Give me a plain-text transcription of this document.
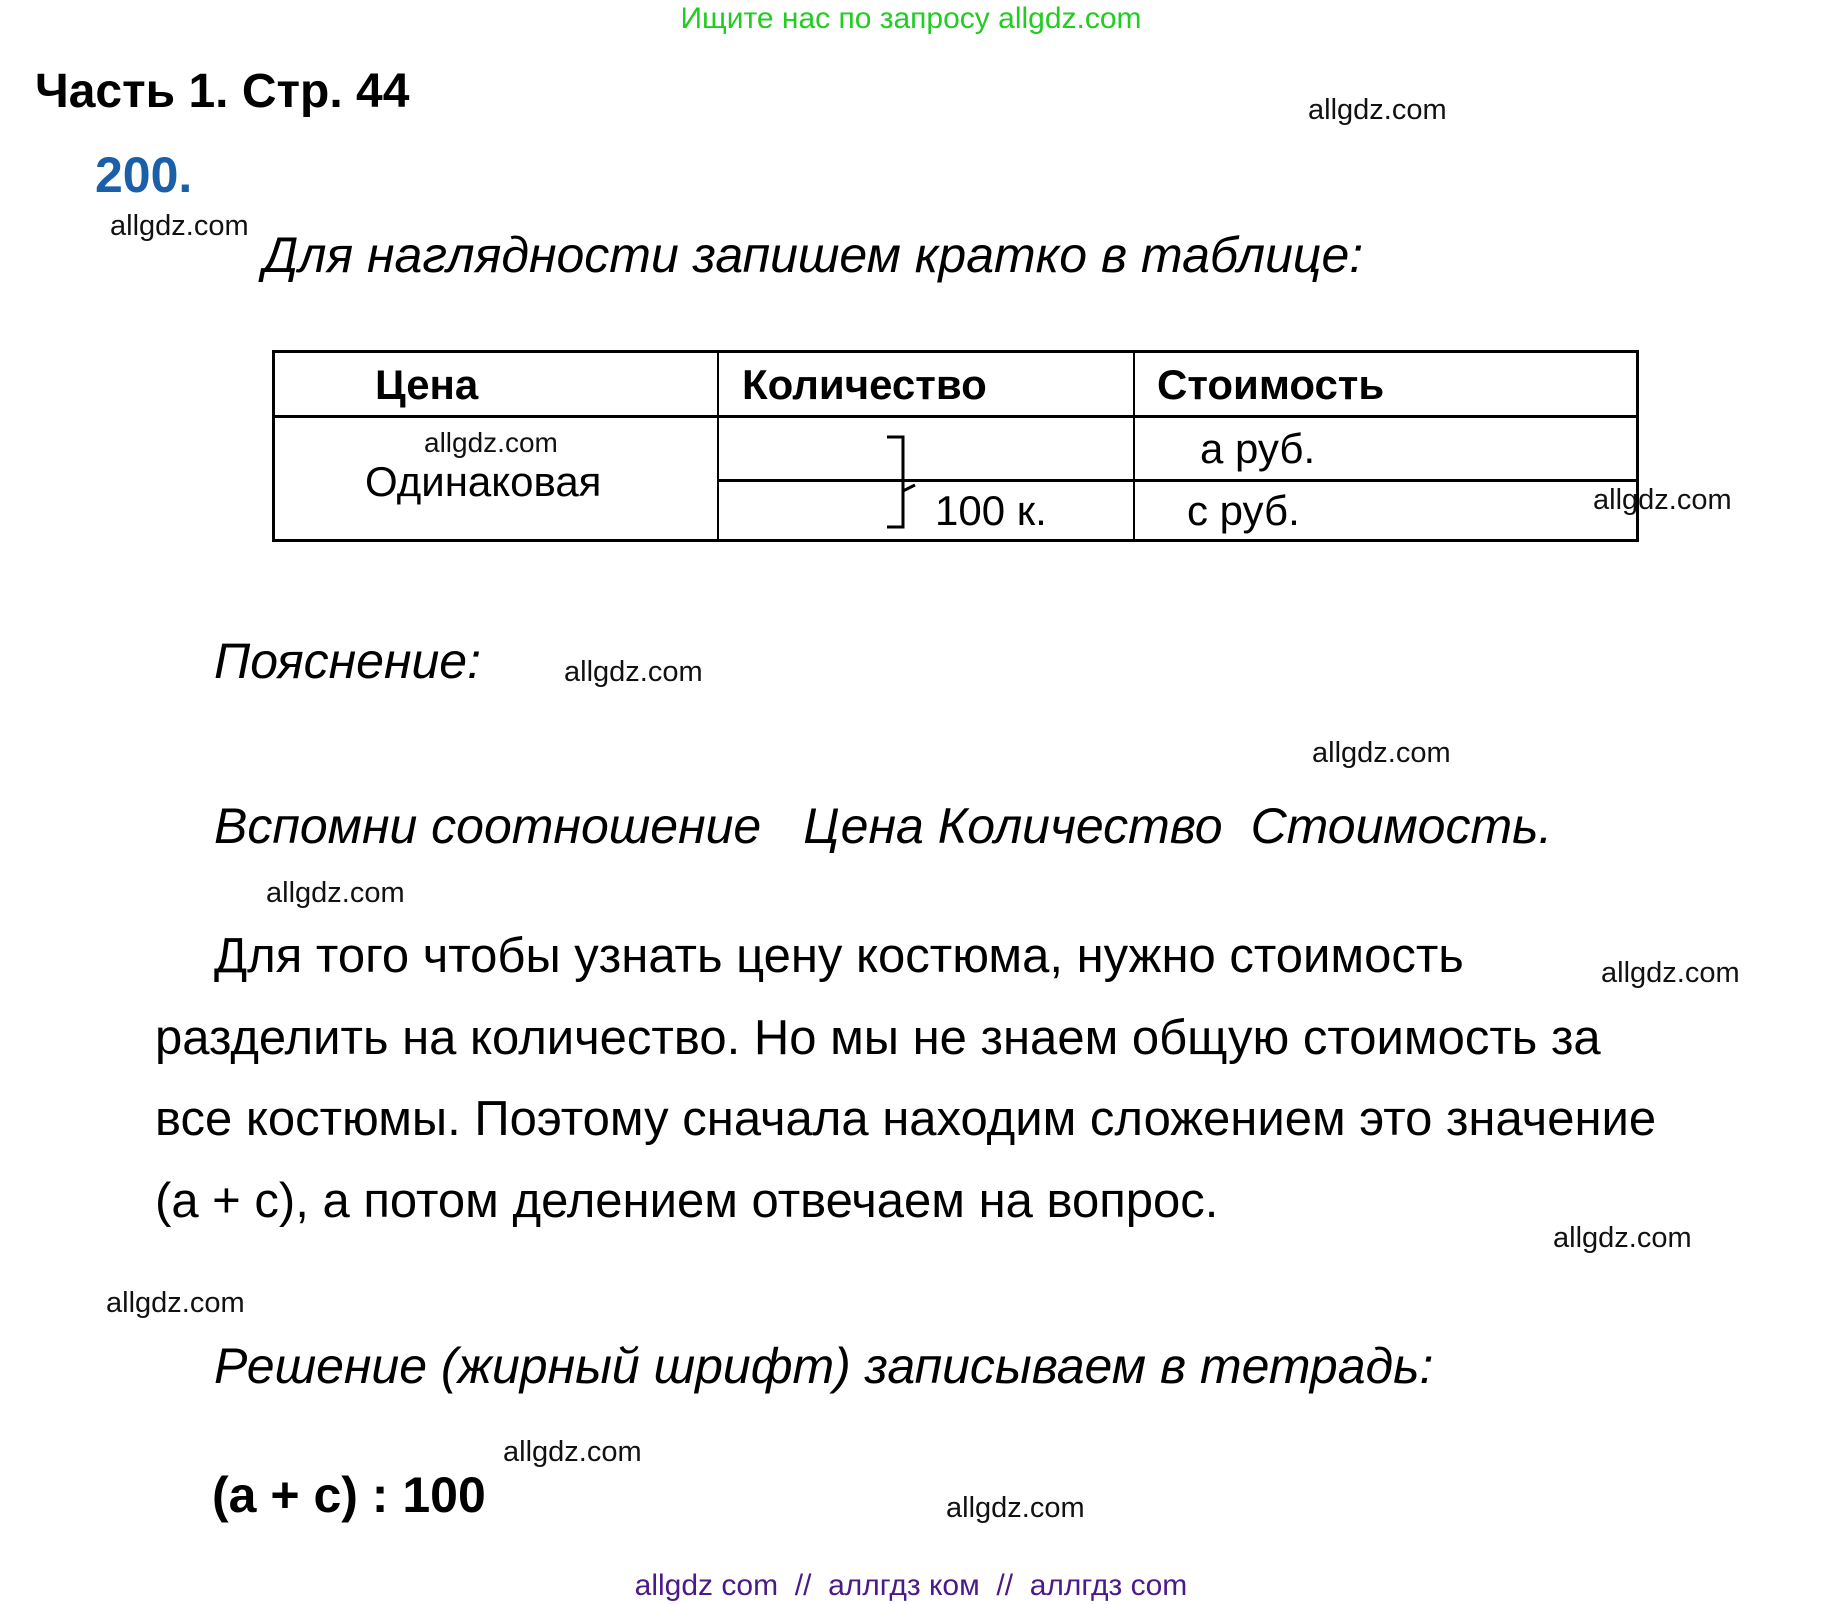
Ищите нас по запросу allgdz.com
Часть 1. Стр. 44
200.
Для наглядности запишем кратко в таблице:
Цена	Количество	Стоимость
Одинаковая
100 к.
а руб.
с руб.
Пояснение:
Вспомни соотношение Цена Количество Стоимость.
Для того чтобы узнать цену костюма, нужно стоимость
разделить на количество. Но мы не знаем общую стоимость за
все костюмы. Поэтому сначала находим сложением это значение
(а + с), а потом делением отвечаем на вопрос.
Решение (жирный шрифт) записываем в тетрадь:
(а + с) : 100
allgdz.com
allgdz.com
allgdz.com
allgdz.com
allgdz.com
allgdz.com
allgdz.com
allgdz.com
allgdz.com
allgdz.com
allgdz.com
allgdz.com
allgdz com  //  аллгдз ком  //  аллгдз com
